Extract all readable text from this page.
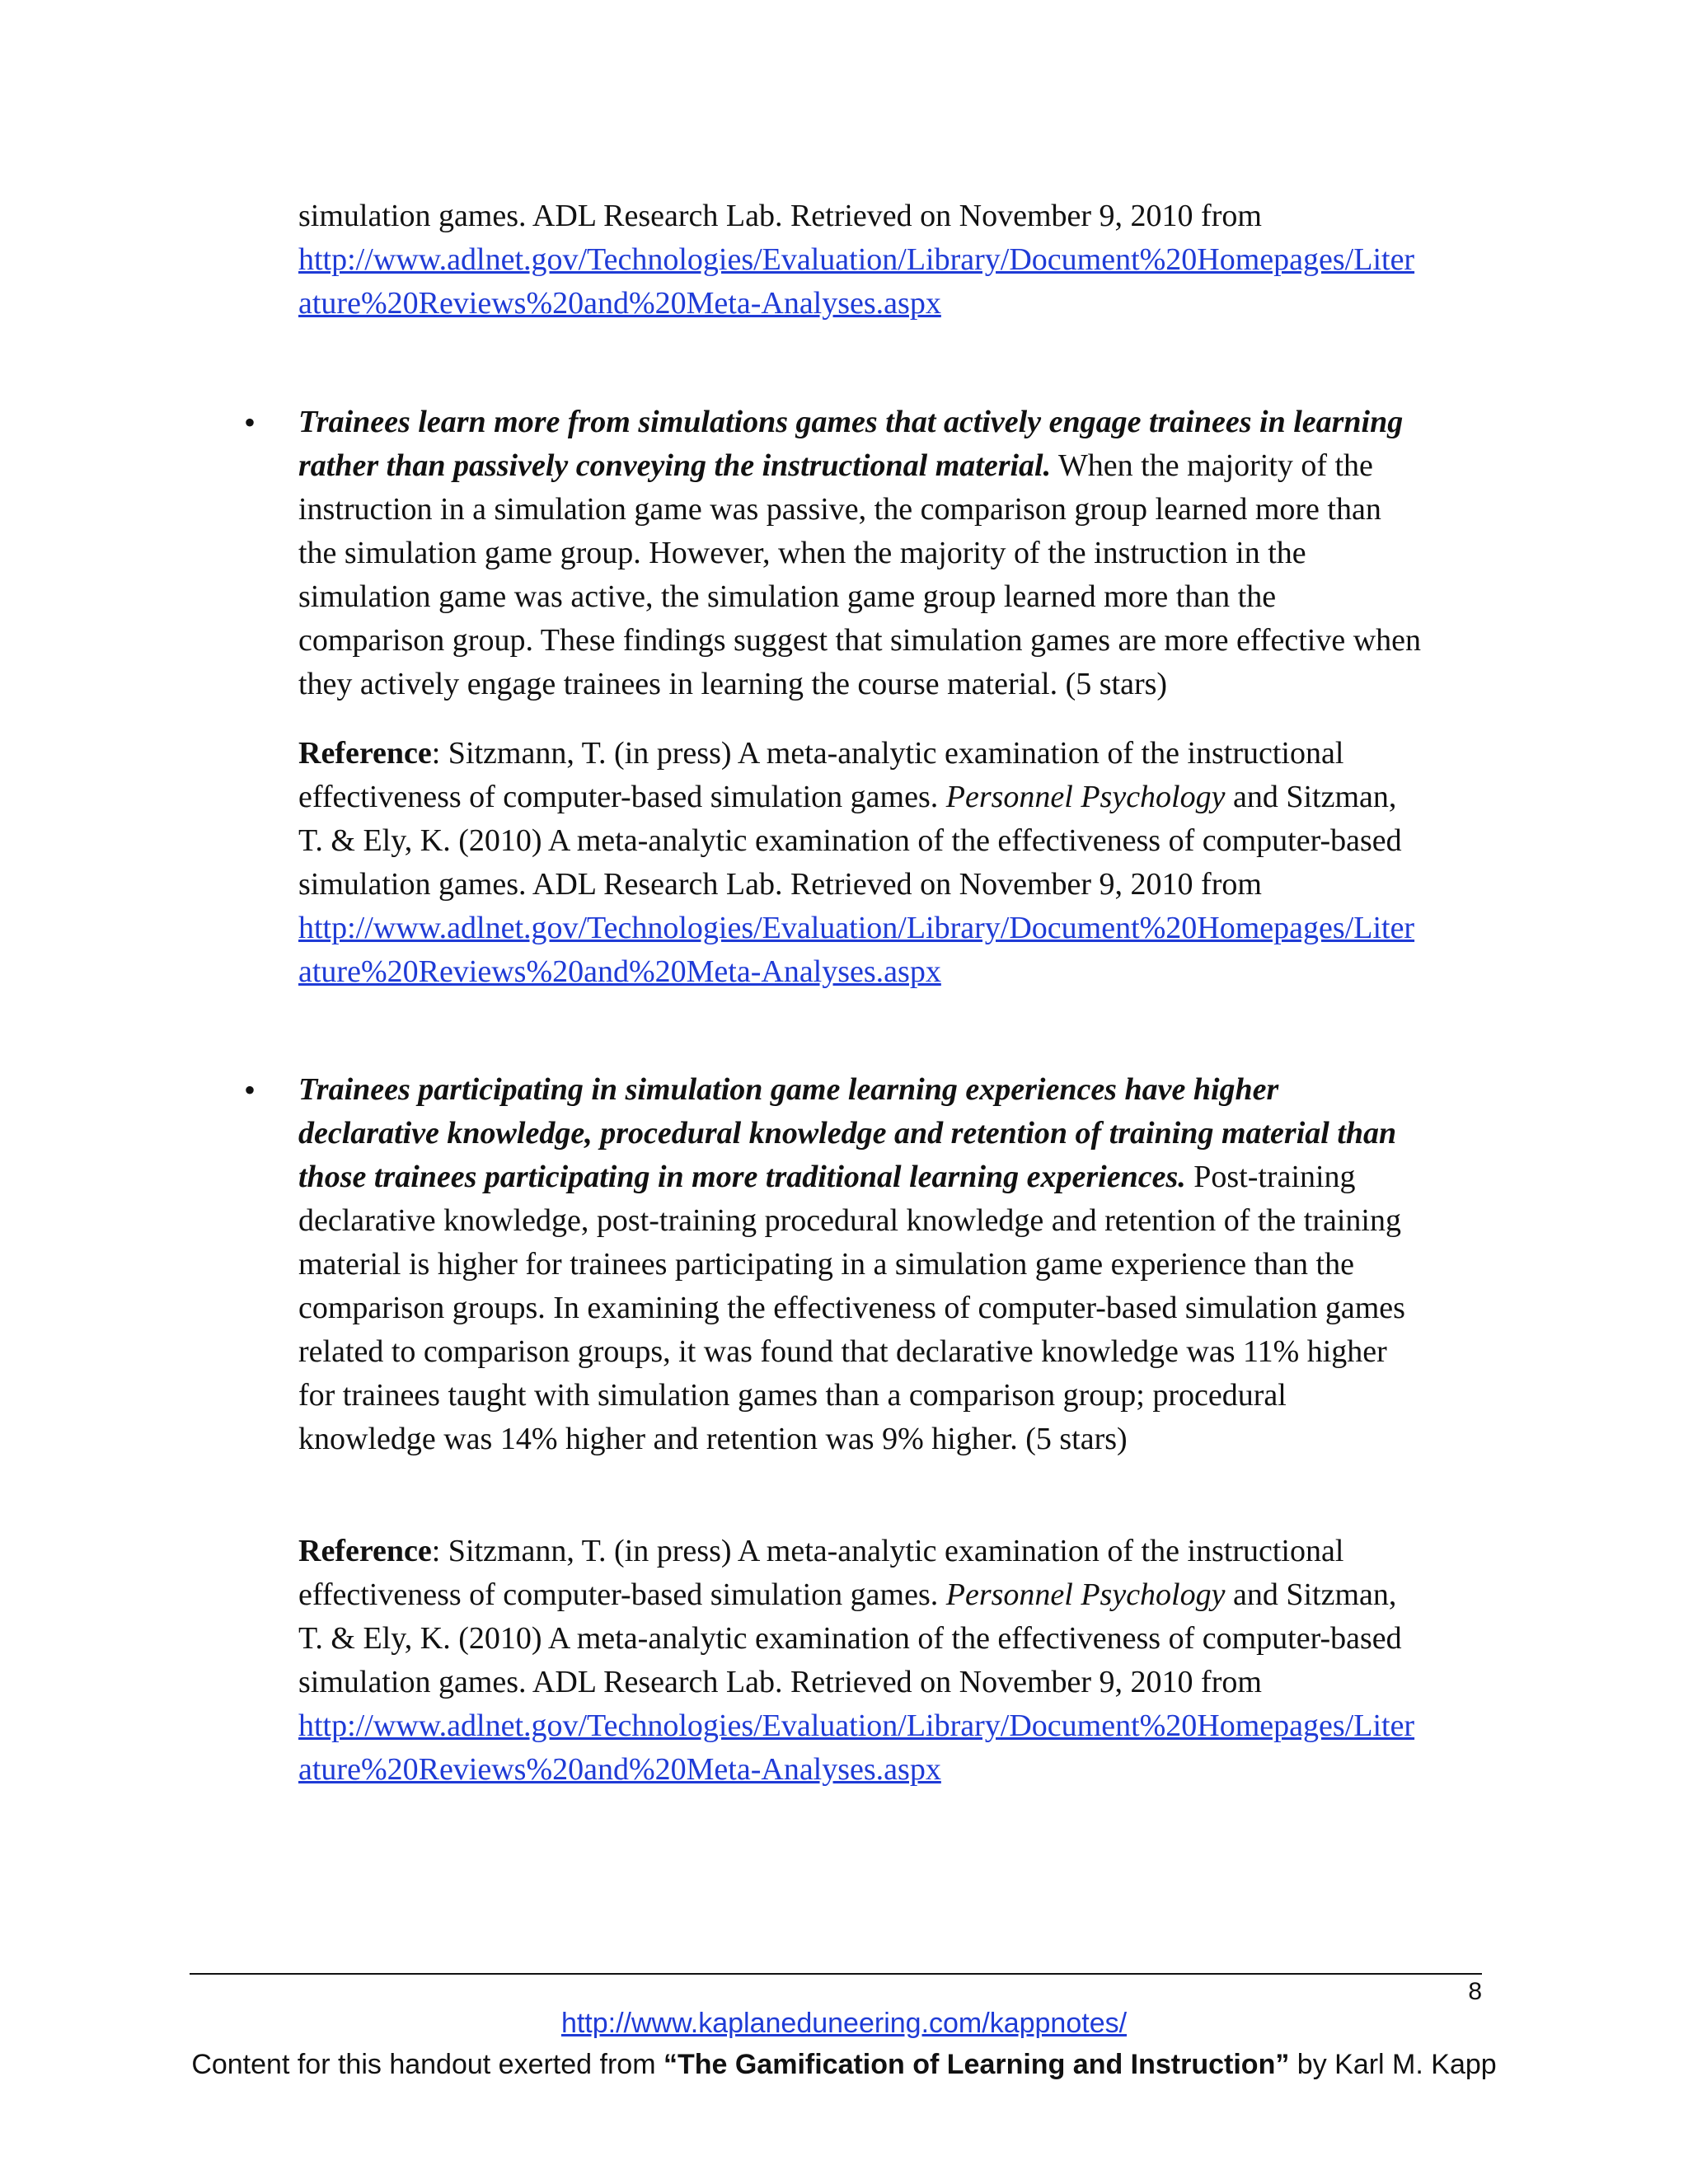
simulation games. ADL Research Lab. Retrieved on November 9, 2010 from
http://www.adlnet.gov/Technologies/Evaluation/Library/Document%20Homepages/Liter
ature%20Reviews%20and%20Meta-Analyses.aspx
• Trainees learn more from simulations games that actively engage trainees in learning
rather than passively conveying the instructional material. When the majority of the
instruction in a simulation game was passive, the comparison group learned more than
the simulation game group. However, when the majority of the instruction in the
simulation game was active, the simulation game group learned more than the
comparison group. These findings suggest that simulation games are more effective when
they actively engage trainees in learning the course material. (5 stars)
Reference: Sitzmann, T. (in press) A meta-analytic examination of the instructional
effectiveness of computer-based simulation games. Personnel Psychology and Sitzman,
T. & Ely, K. (2010) A meta-analytic examination of the effectiveness of computer-based
simulation games. ADL Research Lab. Retrieved on November 9, 2010 from
http://www.adlnet.gov/Technologies/Evaluation/Library/Document%20Homepages/Liter
ature%20Reviews%20and%20Meta-Analyses.aspx
• Trainees participating in simulation game learning experiences have higher
declarative knowledge, procedural knowledge and retention of training material than
those trainees participating in more traditional learning experiences. Post-training
declarative knowledge, post-training procedural knowledge and retention of the training
material is higher for trainees participating in a simulation game experience than the
comparison groups. In examining the effectiveness of computer-based simulation games
related to comparison groups, it was found that declarative knowledge was 11% higher
for trainees taught with simulation games than a comparison group; procedural
knowledge was 14% higher and retention was 9% higher. (5 stars)
Reference: Sitzmann, T. (in press) A meta-analytic examination of the instructional
effectiveness of computer-based simulation games. Personnel Psychology and Sitzman,
T. & Ely, K. (2010) A meta-analytic examination of the effectiveness of computer-based
simulation games. ADL Research Lab. Retrieved on November 9, 2010 from
http://www.adlnet.gov/Technologies/Evaluation/Library/Document%20Homepages/Liter
ature%20Reviews%20and%20Meta-Analyses.aspx
8
http://www.kaplaneduneering.com/kappnotes/
Content for this handout exerted from “The Gamification of Learning and Instruction” by Karl M. Kapp
